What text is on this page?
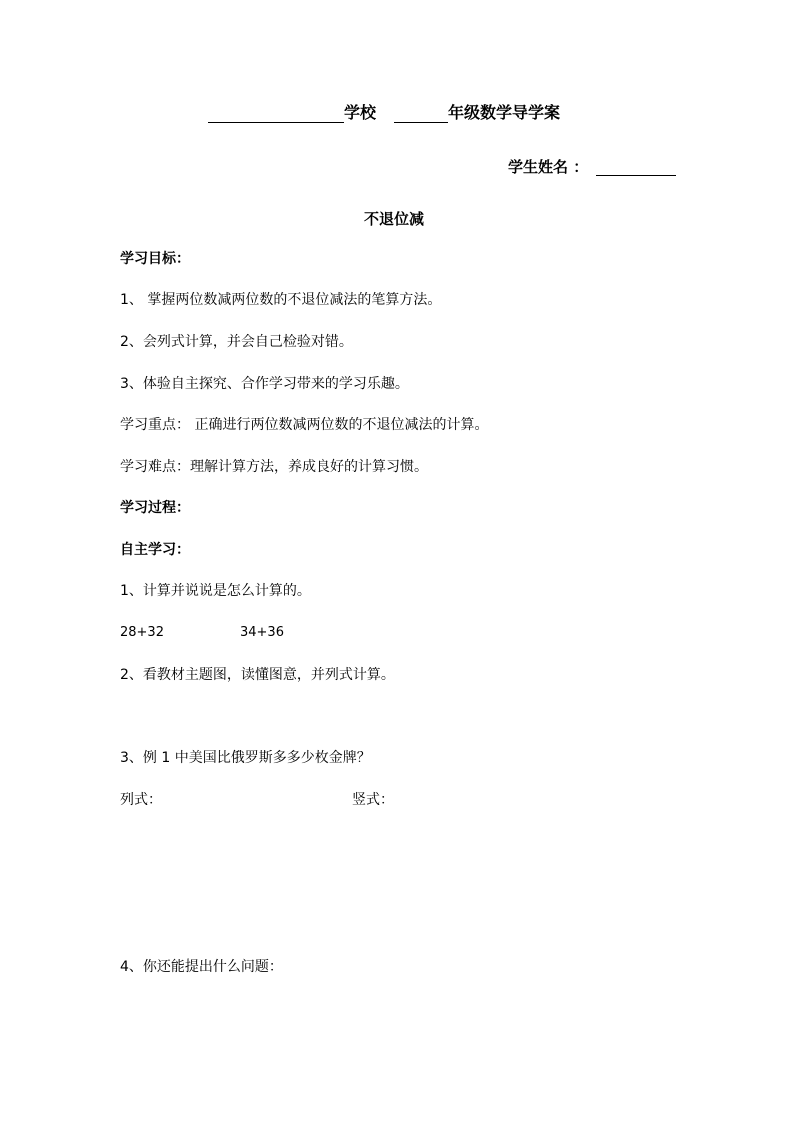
学校	年级数学导学案
学生姓名 ：
不退位减
学习目标：
1、 掌握两位数减两位数的不退位减法的笔算方法。
2、会列式计算，并会自己检验对错。
3、体验自主探究、合作学习带来的学习乐趣。
学习重点： 正确进行两位数减两位数的不退位减法的计算。
学习难点：理解计算方法，养成良好的计算习惯。
学习过程：
自主学习：
1、计算并说说是怎么计算的。
28+32	34+36
2、看教材主题图，读懂图意，并列式计算。
3、例 1 中美国比俄罗斯多多少枚金牌？
列式：	竖式：
4、你还能提出什么问题：
